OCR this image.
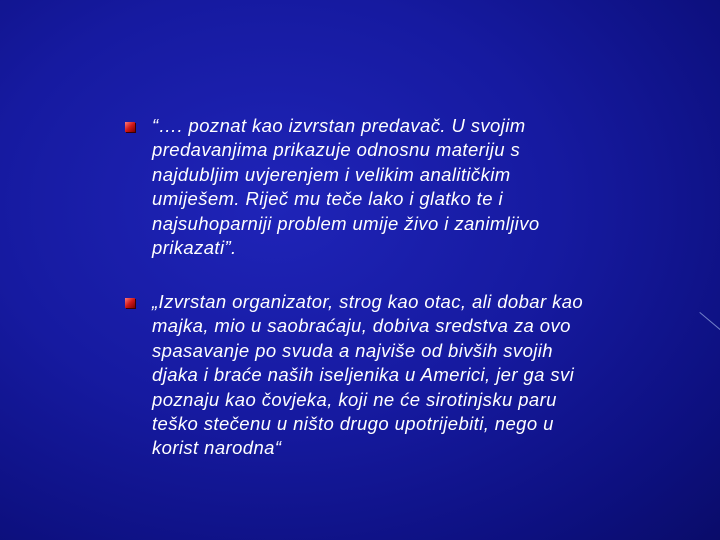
“…. poznat kao izvrstan predavač. U svojim
predavanjima prikazuje odnosnu materiju s
najdubljim uvjerenjem i velikim analitičkim
umiješem. Riječ mu teče lako i glatko te i
najsuhoparniji problem umije živo i zanimljivo
prikazati”.

„Izvrstan organizator, strog kao otac, ali dobar kao
majka, mio u saobraćaju, dobiva sredstva za ovo
spasavanje po svuda a najviše od bivših svojih
djaka i braće naših iseljenika u Americi, jer ga svi
poznaju kao čovjeka, koji ne će sirotinjsku paru
teško stečenu u ništo drugo upotrijebiti, nego u
korist narodna“
